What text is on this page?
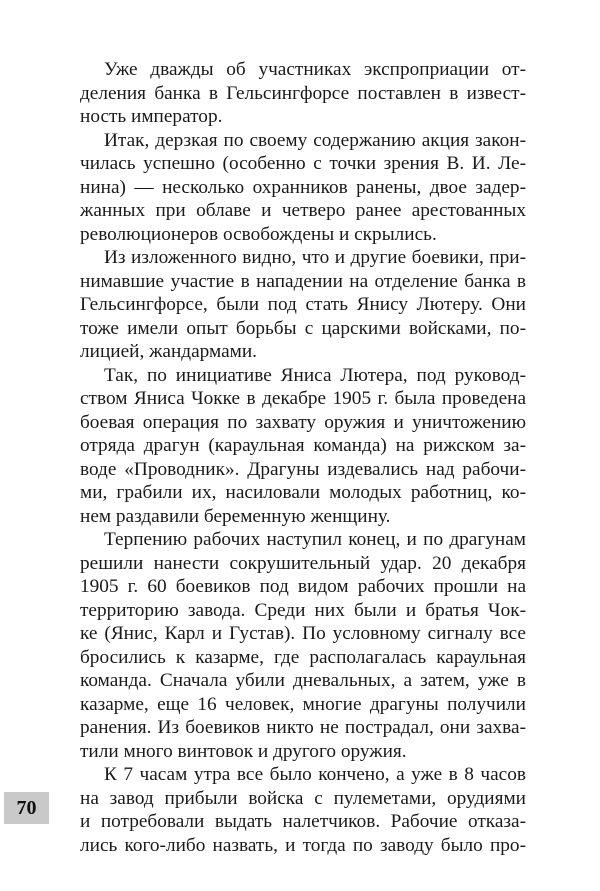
Уже дважды об участниках экспроприации от-
деления банка в Гельсингфорсе поставлен в извест-
ность император.
Итак, дерзкая по своему содержанию акция закон-
чилась успешно (особенно с точки зрения В. И. Ле-
нина) — несколько охранников ранены, двое задер-
жанных при облаве и четверо ранее арестованных
революционеров освобождены и скрылись.
Из изложенного видно, что и другие боевики, при-
нимавшие участие в нападении на отделение банка в
Гельсингфорсе, были под стать Янису Лютеру. Они
тоже имели опыт борьбы с царскими войсками, по-
лицией, жандармами.
Так, по инициативе Яниса Лютера, под руковод-
ством Яниса Чокке в декабре 1905 г. была проведена
боевая операция по захвату оружия и уничтожению
отряда драгун (караульная команда) на рижском за-
воде «Проводник». Драгуны издевались над рабочи-
ми, грабили их, насиловали молодых работниц, ко-
нем раздавили беременную женщину.
Терпению рабочих наступил конец, и по драгунам
решили нанести сокрушительный удар. 20 декабря
1905 г. 60 боевиков под видом рабочих прошли на
территорию завода. Среди них были и братья Чок-
ке (Янис, Карл и Густав). По условному сигналу все
бросились к казарме, где располагалась караульная
команда. Сначала убили дневальных, а затем, уже в
казарме, еще 16 человек, многие драгуны получили
ранения. Из боевиков никто не пострадал, они захва-
тили много винтовок и другого оружия.
К 7 часам утра все было кончено, а уже в 8 часов
на завод прибыли войска с пулеметами, орудиями
и потребовали выдать налетчиков. Рабочие отказа-
лись кого-либо назвать, и тогда по заводу было про-
70
